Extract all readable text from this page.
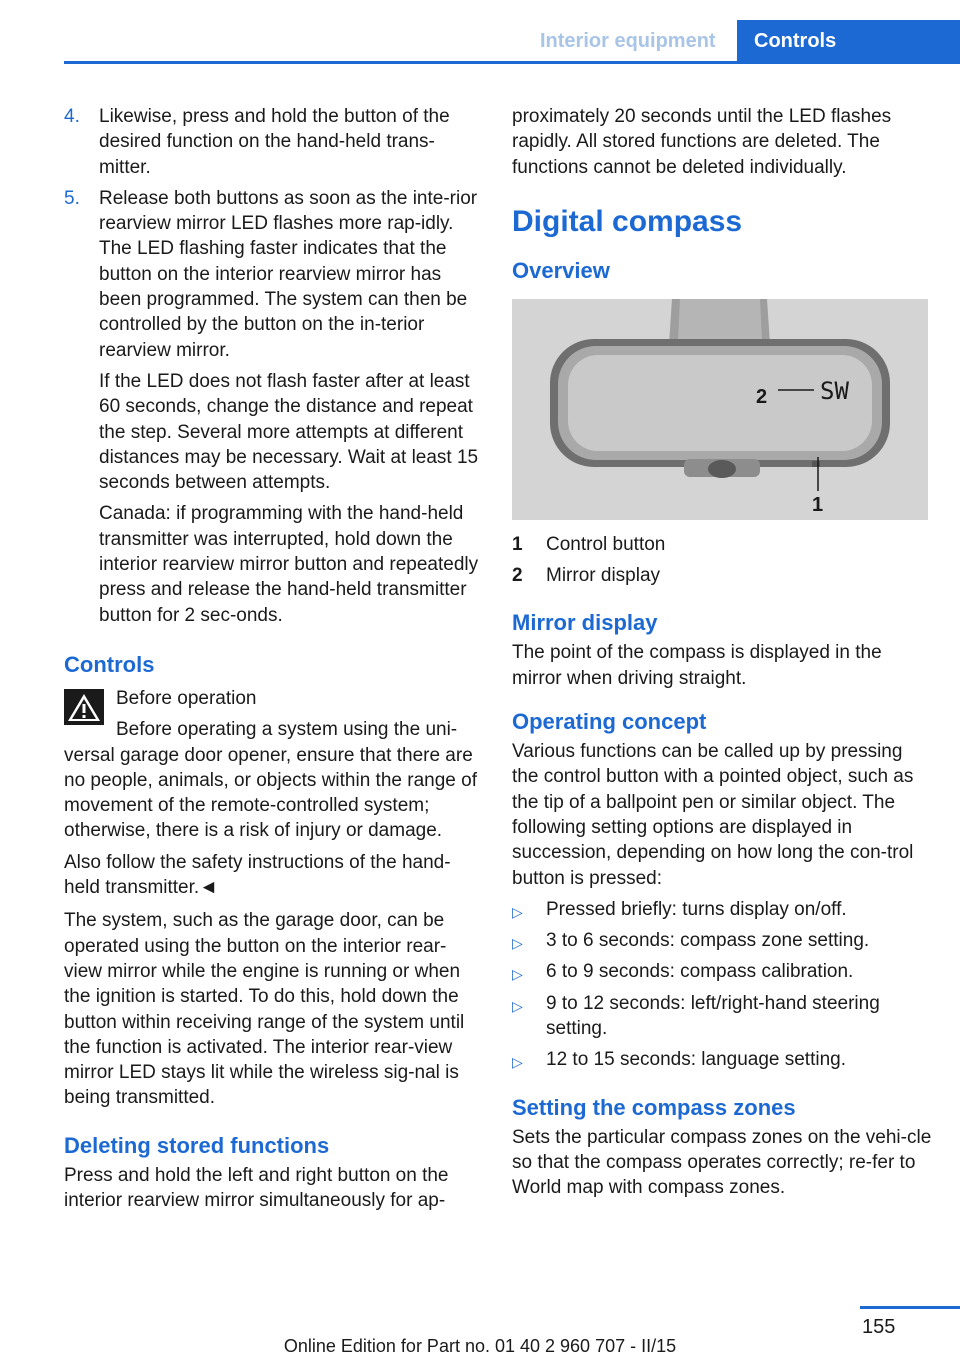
Interior equipment Controls
4. Likewise, press and hold the button of the desired function on the hand-held trans-mitter.

5. Release both buttons as soon as the inte-rior rearview mirror LED flashes more rap-idly. The LED flashing faster indicates that the button on the interior rearview mirror has been programmed. The system can then be controlled by the button on the in-terior rearview mirror.

If the LED does not flash faster after at least 60 seconds, change the distance and repeat the step. Several more attempts at different distances may be necessary. Wait at least 15 seconds between attempts.

Canada: if programming with the hand-held transmitter was interrupted, hold down the interior rearview mirror button and repeatedly press and release the hand-held transmitter button for 2 sec-onds.

Controls

Before operation

Before operating a system using the uni-

versal garage door opener, ensure that there are no people, animals, or objects within the range of movement of the remote-controlled system; otherwise, there is a risk of injury or damage.

Also follow the safety instructions of the hand-held transmitter.◄

The system, such as the garage door, can be operated using the button on the interior rear-view mirror while the engine is running or when the ignition is started. To do this, hold down the button within receiving range of the system until the function is activated. The interior rear-view mirror LED stays lit while the wireless sig-nal is being transmitted.

Deleting stored functions

Press and hold the left and right button on the interior rearview mirror simultaneously for ap-

proximately 20 seconds until the LED flashes rapidly. All stored functions are deleted. The functions cannot be deleted individually.

Digital compass
Overview
2
1
SW
1 Control button

2 Mirror display

Mirror display

The point of the compass is displayed in the mirror when driving straight.

Operating concept

Various functions can be called up by pressing the control button with a pointed object, such as the tip of a ballpoint pen or similar object. The following setting options are displayed in succession, depending on how long the con-trol button is pressed:

▷ Pressed briefly: turns display on/off.

▷ 3 to 6 seconds: compass zone setting.

▷ 6 to 9 seconds: compass calibration.

▷ 9 to 12 seconds: left/right-hand steering setting.

▷ 12 to 15 seconds: language setting.

Setting the compass zones

Sets the particular compass zones on the vehi-cle so that the compass operates correctly; re-fer to World map with compass zones.

155
Online Edition for Part no. 01 40 2 960 707 - II/15
